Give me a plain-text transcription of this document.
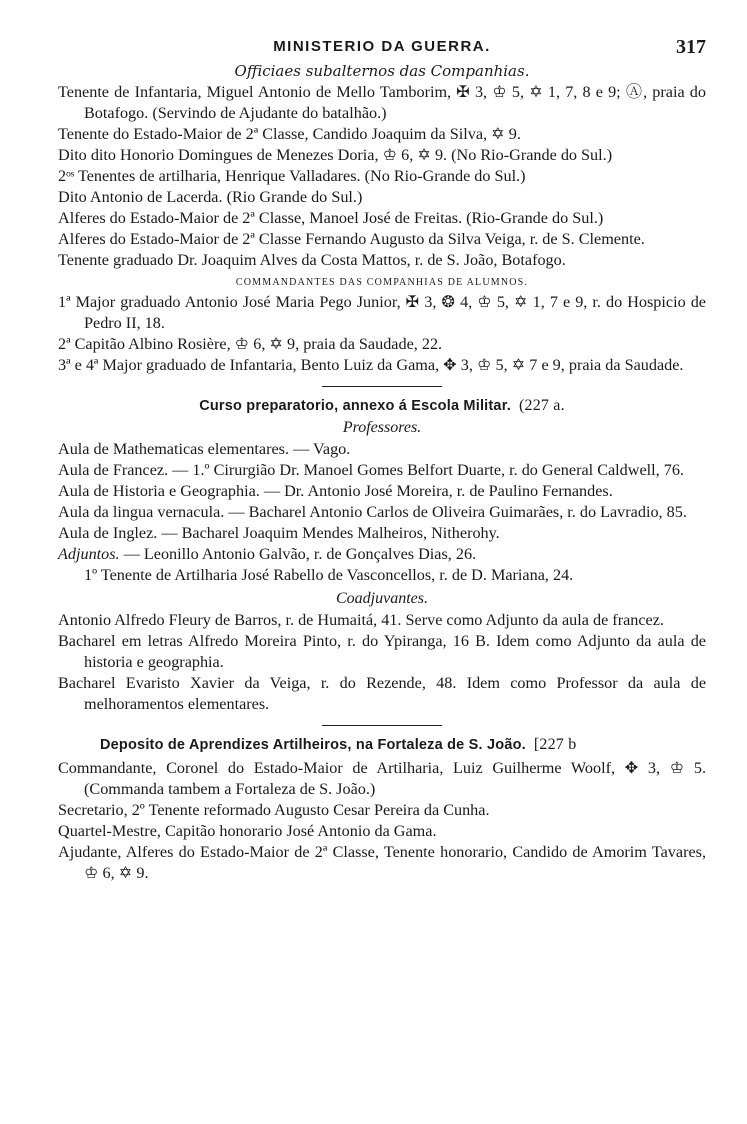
MINISTERIO DA GUERRA.	317
Officiaes subalternos das Companhias.

Tenente de Infantaria, Miguel Antonio de Mello Tamborim, ✠ 3, ♔ 5, ✡ 1, 7, 8 e 9; Ⓐ, praia do Botafogo. (Servindo de Ajudante do batalhão.)

Tenente do Estado-Maior de 2ª Classe, Candido Joaquim da Silva, ✡ 9.

Dito dito Honorio Domingues de Menezes Doria, ♔ 6, ✡ 9. (No Rio-Grande do Sul.)

2ᵒˢ Tenentes de artilharia, Henrique Valladares. (No Rio-Grande do Sul.)

Dito Antonio de Lacerda. (Rio Grande do Sul.)

Alferes do Estado-Maior de 2ª Classe, Manoel José de Freitas. (Rio-Grande do Sul.)

Alferes do Estado-Maior de 2ª Classe Fernando Augusto da Silva Veiga, r. de S. Clemente.

Tenente graduado Dr. Joaquim Alves da Costa Mattos, r. de S. João, Botafogo.

COMMANDANTES DAS COMPANHIAS DE ALUMNOS.

1ª Major graduado Antonio José Maria Pego Junior, ✠ 3, ❂ 4, ♔ 5, ✡ 1, 7 e 9, r. do Hospicio de Pedro II, 18.

2ª Capitão Albino Rosière, ♔ 6, ✡ 9, praia da Saudade, 22.

3ª e 4ª Major graduado de Infantaria, Bento Luiz da Gama, ✥ 3, ♔ 5, ✡ 7 e 9, praia da Saudade.

Curso preparatorio, annexo á Escola Militar. (227 a.
Professores.

Aula de Mathematicas elementares. — Vago.

Aula de Francez. — 1.º Cirurgião Dr. Manoel Gomes Belfort Duarte, r. do General Caldwell, 76.

Aula de Historia e Geographia. — Dr. Antonio José Moreira, r. de Paulino Fernandes.

Aula da lingua vernacula. — Bacharel Antonio Carlos de Oliveira Guimarães, r. do Lavradio, 85.

Aula de Inglez. — Bacharel Joaquim Mendes Malheiros, Nitherohy.

Adjuntos. — Leonillo Antonio Galvão, r. de Gonçalves Dias, 26.

1º Tenente de Artilharia José Rabello de Vasconcellos, r. de D. Mariana, 24.

Coadjuvantes.

Antonio Alfredo Fleury de Barros, r. de Humaitá, 41. Serve como Adjunto da aula de francez.

Bacharel em letras Alfredo Moreira Pinto, r. do Ypiranga, 16 B. Idem como Adjunto da aula de historia e geographia.

Bacharel Evaristo Xavier da Veiga, r. do Rezende, 48. Idem como Professor da aula de melhoramentos elementares.

Deposito de Aprendizes Artilheiros, na Fortaleza de S. João. [227 b

Commandante, Coronel do Estado-Maior de Artilharia, Luiz Guilherme Woolf, ✥ 3, ♔ 5. (Commanda tambem a Fortaleza de S. João.)

Secretario, 2º Tenente reformado Augusto Cesar Pereira da Cunha.

Quartel-Mestre, Capitão honorario José Antonio da Gama.

Ajudante, Alferes do Estado-Maior de 2ª Classe, Tenente honorario, Candido de Amorim Tavares, ♔ 6, ✡ 9.
